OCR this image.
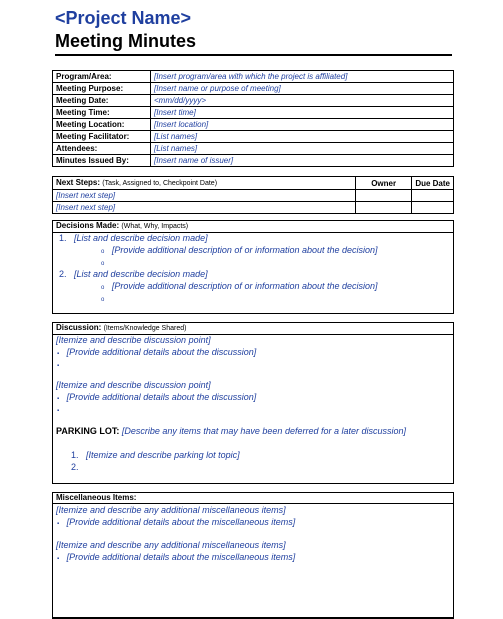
<Project Name>
Meeting Minutes
Program/Area:	[Insert program/area with which the project is affiliated]
Meeting Purpose:	[Insert name or purpose of meeting]
Meeting Date:	<mm/dd/yyyy>
Meeting Time:	[Insert time]
Meeting Location:	[Insert location]
Meeting Facilitator:	[List names]
Attendees:	[List names]
Minutes Issued By:	[Insert name of issuer]
Next Steps: (Task, Assigned to, Checkpoint Date)	Owner	Due Date
[Insert next step]		
[Insert next step]		
Decisions Made: (What, Why, Impacts)
1. [List and describe decision made]
o [Provide additional description of or information about the decision]
o
2. [List and describe decision made]
o [Provide additional description of or information about the decision]
o
Discussion: (Items/Knowledge Shared)
[Itemize and describe discussion point]
▪ [Provide additional details about the discussion]
▪
[Itemize and describe discussion point]
▪ [Provide additional details about the discussion]
▪
PARKING LOT: [Describe any items that may have been deferred for a later discussion]
1. [Itemize and describe parking lot topic]
2.
Miscellaneous Items:
[Itemize and describe any additional miscellaneous items]
▪ [Provide additional details about the miscellaneous items]
[Itemize and describe any additional miscellaneous items]
▪ [Provide additional details about the miscellaneous items]
